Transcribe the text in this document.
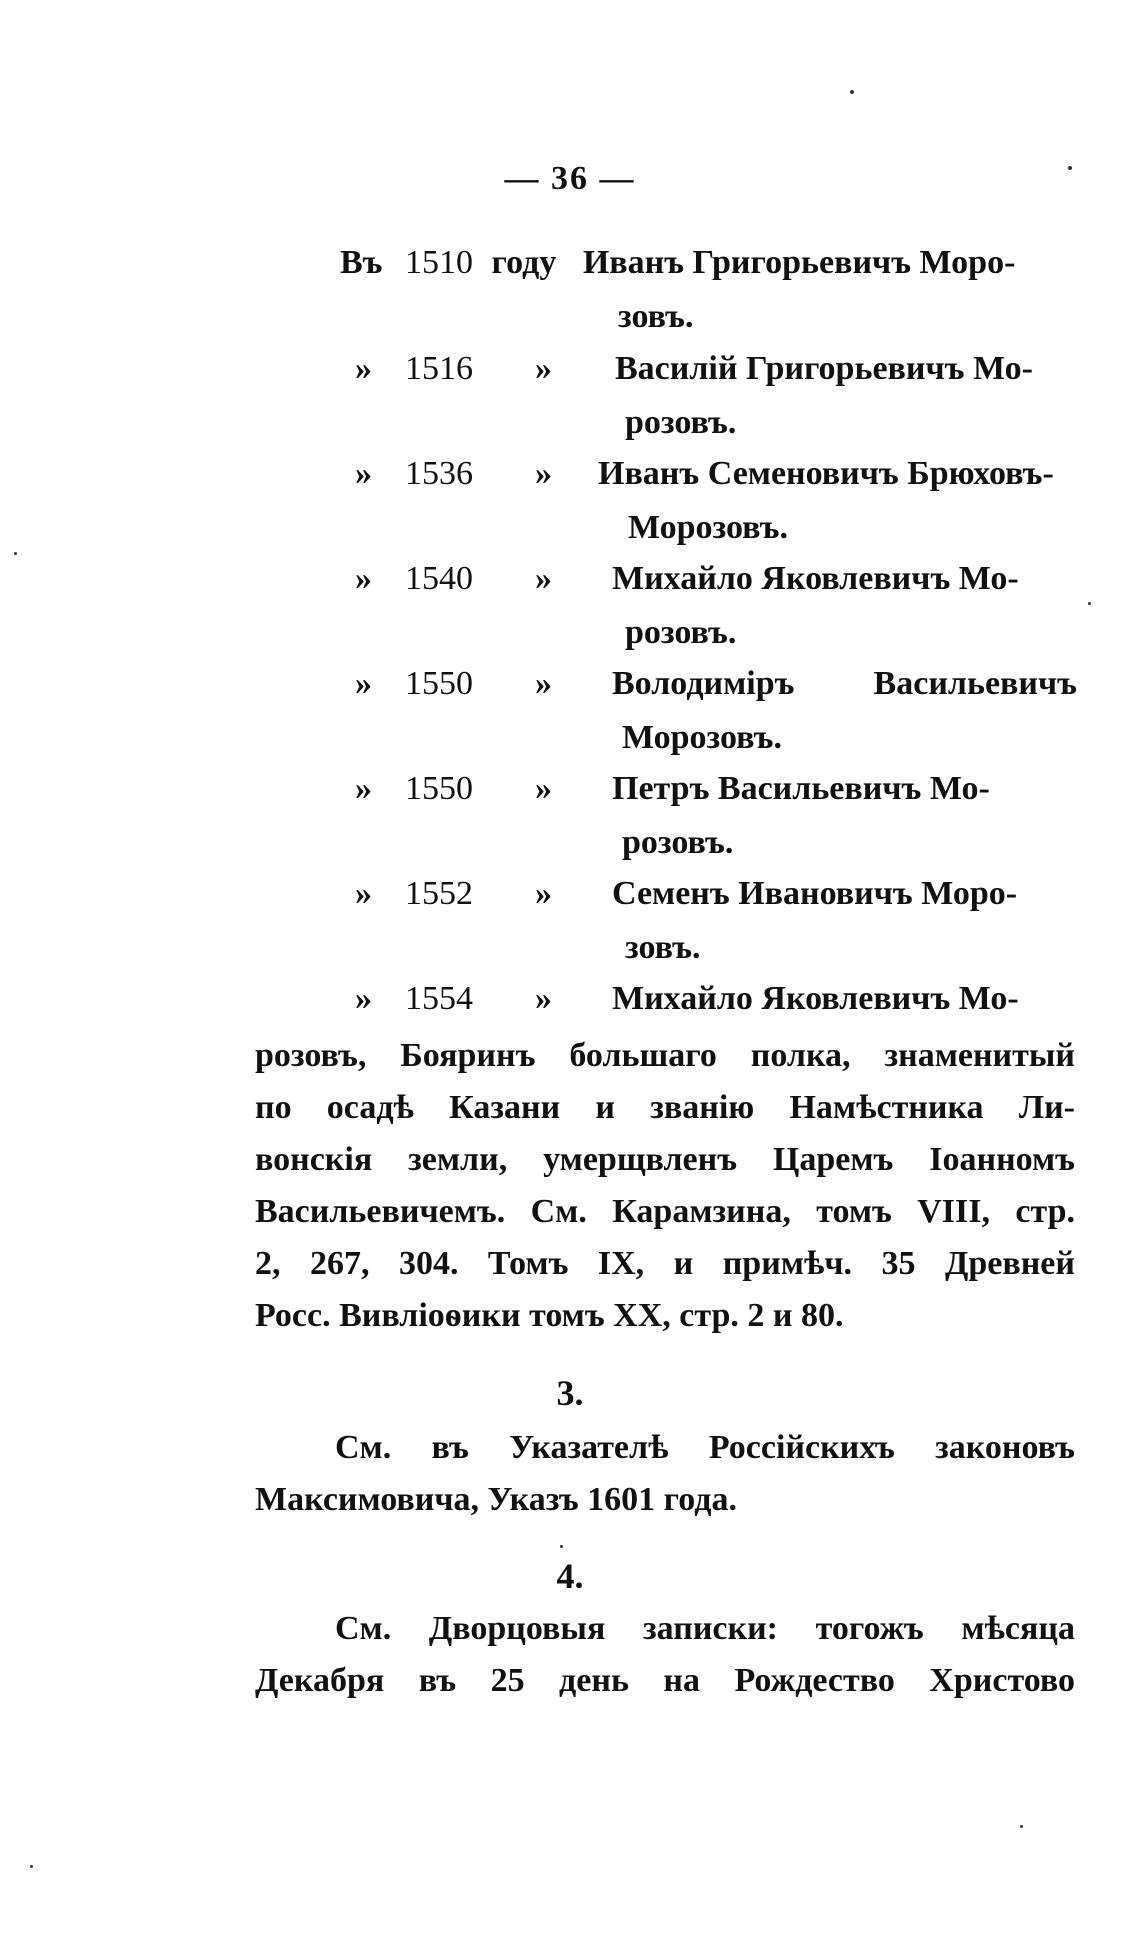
— 36 —
Въ 1510 году Иванъ Григорьевичъ Моро-
зовъ.
» 1516 » Василій Григорьевичъ Мо-
розовъ.
» 1536 » Иванъ Семеновичъ Брюховъ-
Морозовъ.
» 1540 » Михайло Яковлевичъ Мо-
розовъ.
» 1550 » Володиміръ Васильевичъ
Морозовъ.
» 1550 » Петръ Васильевичъ Мо-
розовъ.
» 1552 » Семенъ Ивановичъ Моро-
зовъ.
» 1554 » Михайло Яковлевичъ Мо-
розовъ, Бояринъ большаго полка, знаменитый
по осадѣ Казани и званію Намѣстника Ли-
вонскія земли, умерщвленъ Царемъ Іоанномъ
Васильевичемъ. См. Карамзина, томъ VIII, стр.
2, 267, 304. Томъ IX, и примѣч. 35 Древней
Росс. Вивліоѳики томъ XX, стр. 2 и 80.
3.
См. въ Указателѣ Россійскихъ законовъ
Максимовича, Указъ 1601 года.
4.
См. Дворцовыя записки: тогожъ мѣсяца
Декабря въ 25 день на Рождество Христово
